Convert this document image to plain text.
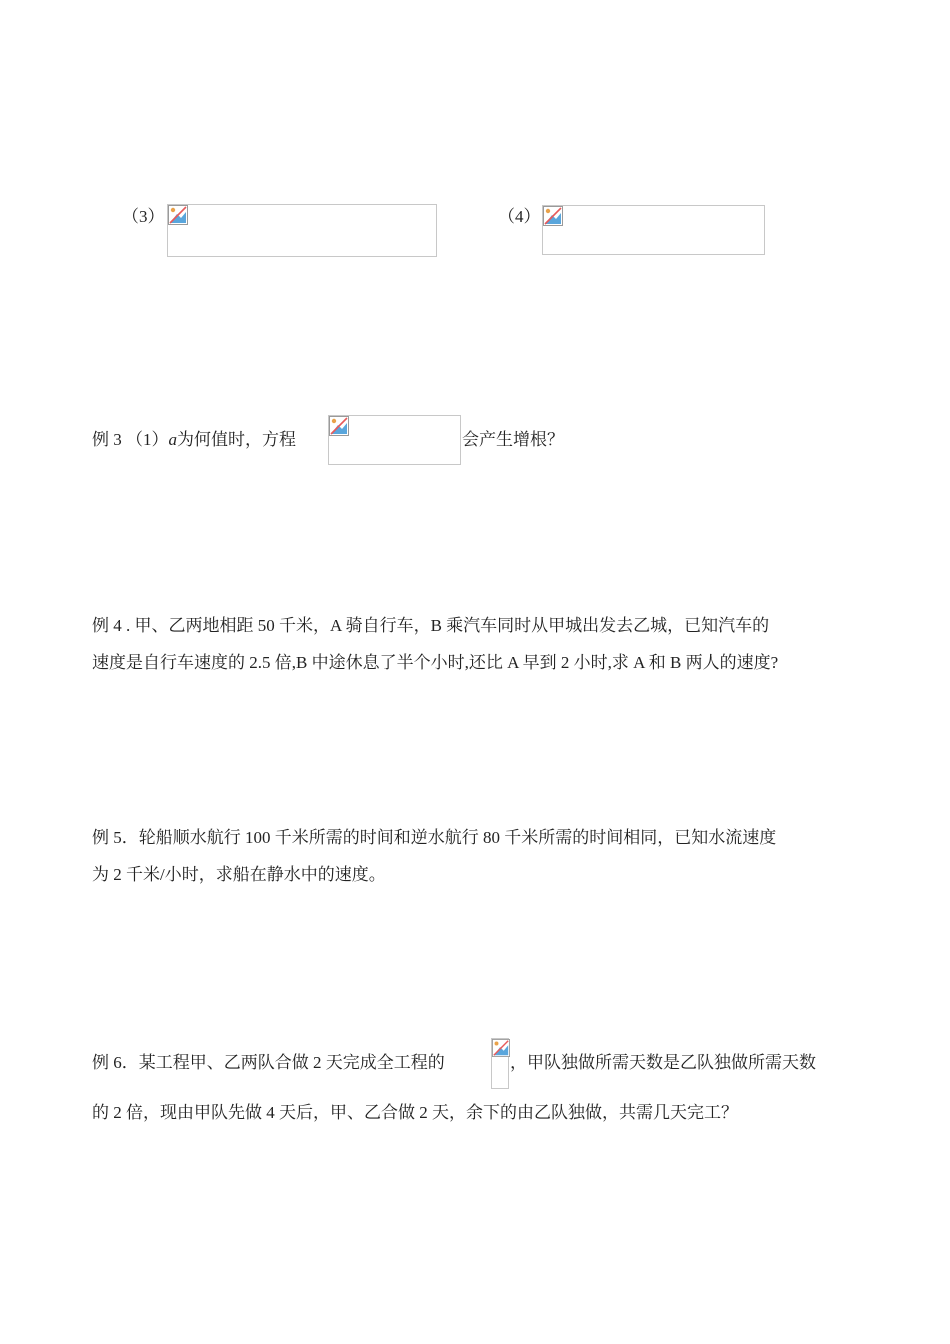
（3）	（4）
例 3 （1）a为何值时，方程	会产生增根？
例 4 . 甲、乙两地相距 50 千米，A 骑自行车，B 乘汽车同时从甲城出发去乙城，已知汽车的
速度是自行车速度的 2.5 倍,B 中途休息了半个小时,还比 A 早到 2 小时,求 A 和 B 两人的速度?
例 5．轮船顺水航行 100 千米所需的时间和逆水航行 80 千米所需的时间相同，已知水流速度
为 2 千米/小时，求船在静水中的速度。
例 6．某工程甲、乙两队合做 2 天完成全工程的	，甲队独做所需天数是乙队独做所需天数
的 2 倍，现由甲队先做 4 天后，甲、乙合做 2 天，余下的由乙队独做，共需几天完工？
